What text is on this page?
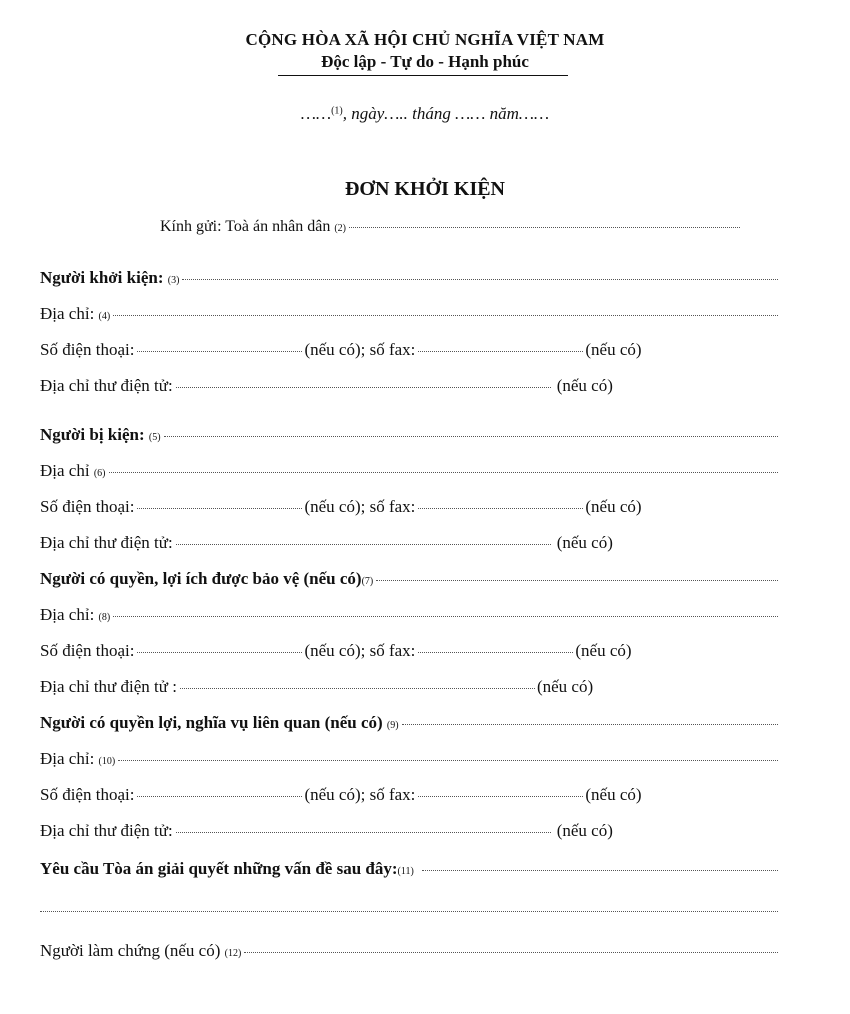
CỘNG HÒA XÃ HỘI CHỦ NGHĨA VIỆT NAM
Độc lập - Tự do - Hạnh phúc
……$^{(1)}$, ngày….. tháng …… năm……
ĐƠN KHỞI KIỆN
Kính gửi: Toà án nhân dân
(2)
Người khởi kiện:
(3)
Địa chỉ:
(4)
Số điện thoại:	(nếu có); số fax:	(nếu có)
Địa chỉ thư điện tử:	(nếu có)
Người bị kiện:
(5)
Địa chỉ
(6)
Số điện thoại:	(nếu có); số fax:	(nếu có)
Địa chỉ thư điện tử:	(nếu có)
Người có quyền, lợi ích được bảo vệ (nếu có) (7)
Địa chỉ:
(8)
Số điện thoại:	(nếu có); số fax:	(nếu có)
Địa chỉ thư điện tử :	(nếu có)
Người có quyền lợi, nghĩa vụ liên quan (nếu có)
(9)
Địa chỉ:
(10)
Số điện thoại:	(nếu có); số fax:	(nếu có)
Địa chỉ thư điện tử:	(nếu có)
Yêu cầu Tòa án giải quyết những vấn đề sau đây: (11)
Người làm chứng (nếu có)
(12)
